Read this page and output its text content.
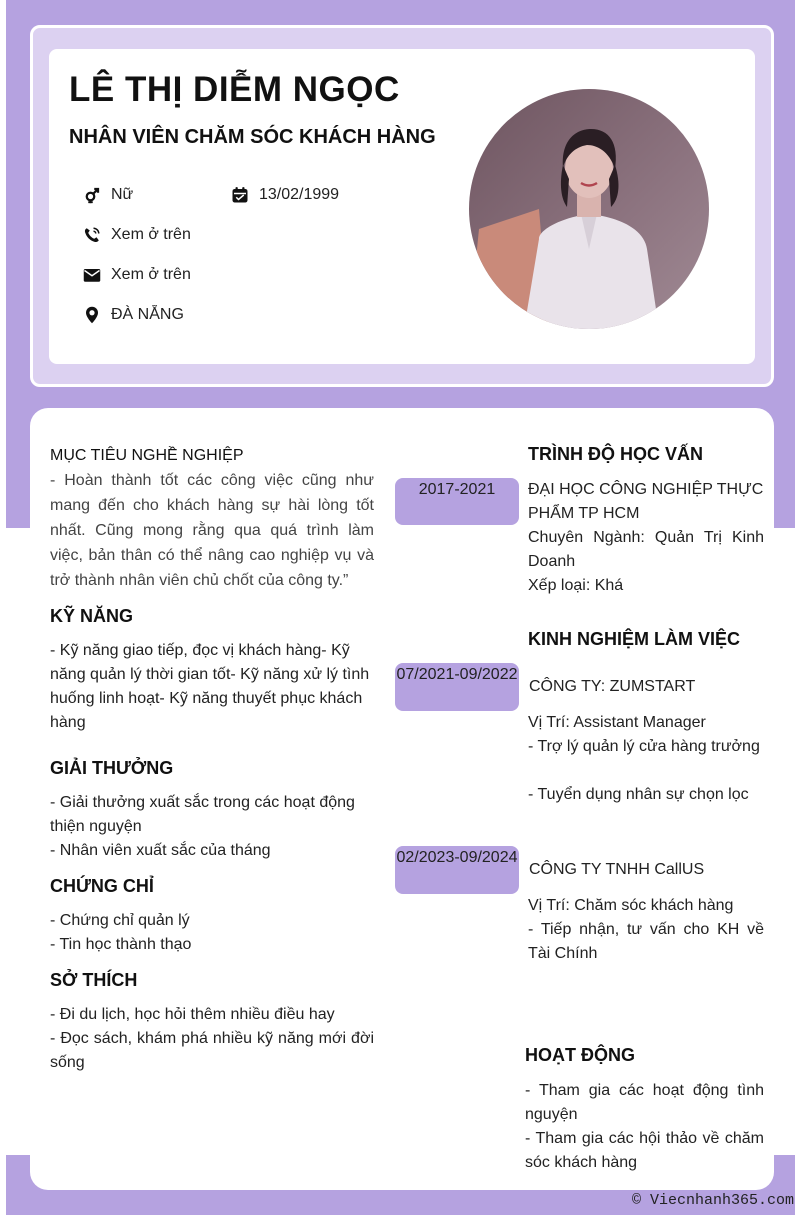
LÊ THỊ DIỄM NGỌC
NHÂN VIÊN CHĂM SÓC KHÁCH HÀNG
Nữ	13/02/1999
Xem ở trên
Xem ở trên
ĐÀ NẴNG
MỤC TIÊU NGHỀ NGHIỆP
- Hoàn thành tốt các công việc cũng như mang đến cho khách hàng sự hài lòng tốt nhất. Cũng mong rằng qua quá trình làm việc, bản thân có thể nâng cao nghiệp vụ và trở thành nhân viên chủ chốt của công ty.”
KỸ NĂNG
- Kỹ năng giao tiếp, đọc vị khách hàng- Kỹ năng quản lý thời gian tốt- Kỹ năng xử lý tình huống linh hoạt- Kỹ năng thuyết phục khách hàng
GIẢI THƯỞNG
- Giải thưởng xuất sắc trong các hoạt động thiện nguyện
- Nhân viên xuất sắc của tháng
CHỨNG CHỈ
- Chứng chỉ quản lý
- Tin học thành thạo
SỞ THÍCH
- Đi du lịch, học hỏi thêm nhiều điều hay
- Đọc sách, khám phá nhiều kỹ năng mới đời sống
2017-2021
07/2021-09/2022
02/2023-09/2024
TRÌNH ĐỘ HỌC VẤN
ĐẠI HỌC CÔNG NGHIỆP THỰC PHẨM TP HCM
Chuyên Ngành: Quản Trị Kinh Doanh
Xếp loại: Khá
KINH NGHIỆM LÀM VIỆC
CÔNG TY: ZUMSTART
Vị Trí: Assistant Manager
- Trợ lý quản lý cửa hàng trưởng
- Tuyển dụng nhân sự chọn lọc
CÔNG TY TNHH CallUS
Vị Trí: Chăm sóc khách hàng
- Tiếp nhận, tư vấn cho KH về Tài Chính
HOẠT ĐỘNG
- Tham gia các hoạt động tình nguyện
- Tham gia các hội thảo về chăm sóc khách hàng
© Viecnhanh365.com
